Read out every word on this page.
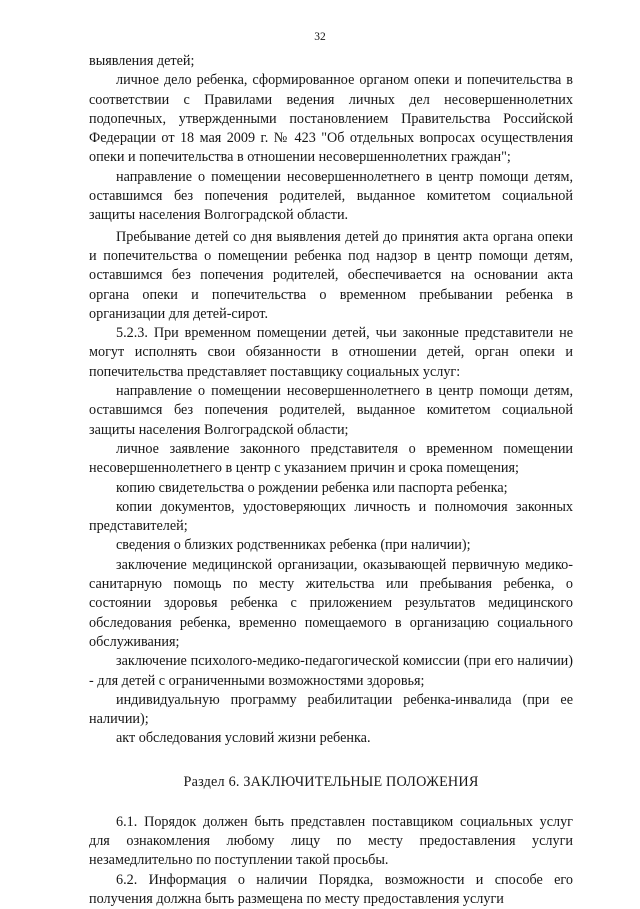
32

выявления детей;

личное дело ребенка, сформированное органом опеки и попечительства в соответствии с Правилами ведения личных дел несовершеннолетних подопечных, утвержденными постановлением Правительства Российской Федерации от 18 мая 2009 г. № 423 "Об отдельных вопросах осуществления опеки и попечительства в отношении несовершеннолетних граждан";

направление о помещении несовершеннолетнего в центр помощи детям, оставшимся без попечения родителей, выданное комитетом социальной защиты населения Волгоградской области.

Пребывание детей со дня выявления детей до принятия акта органа опеки и попечительства о помещении ребенка под надзор в центр помощи детям, оставшимся без попечения родителей, обеспечивается на основании акта органа опеки и попечительства о временном пребывании ребенка в организации для детей-сирот.

5.2.3. При временном помещении детей, чьи законные представители не могут исполнять свои обязанности в отношении детей, орган опеки и попечительства представляет поставщику социальных услуг:

направление о помещении несовершеннолетнего в центр помощи детям, оставшимся без попечения родителей, выданное комитетом социальной защиты населения Волгоградской области;

личное заявление законного представителя о временном помещении несовершеннолетнего в центр с указанием причин и срока помещения;

копию свидетельства о рождении ребенка или паспорта ребенка;

копии документов, удостоверяющих личность и полномочия законных представителей;

сведения о близких родственниках ребенка (при наличии);

заключение медицинской организации, оказывающей первичную медико-санитарную помощь по месту жительства или пребывания ребенка, о состоянии здоровья ребенка с приложением результатов медицинского обследования ребенка, временно помещаемого в организацию социального обслуживания;

заключение психолого-медико-педагогической комиссии (при его наличии) - для детей с ограниченными возможностями здоровья;

индивидуальную программу реабилитации ребенка-инвалида (при ее наличии);

акт обследования условий жизни ребенка.

Раздел 6. ЗАКЛЮЧИТЕЛЬНЫЕ ПОЛОЖЕНИЯ

6.1. Порядок должен быть представлен поставщиком социальных услуг для ознакомления любому лицу по месту предоставления услуги незамедлительно по поступлении такой просьбы.

6.2. Информация о наличии Порядка, возможности и способе его получения должна быть размещена по месту предоставления услуги
